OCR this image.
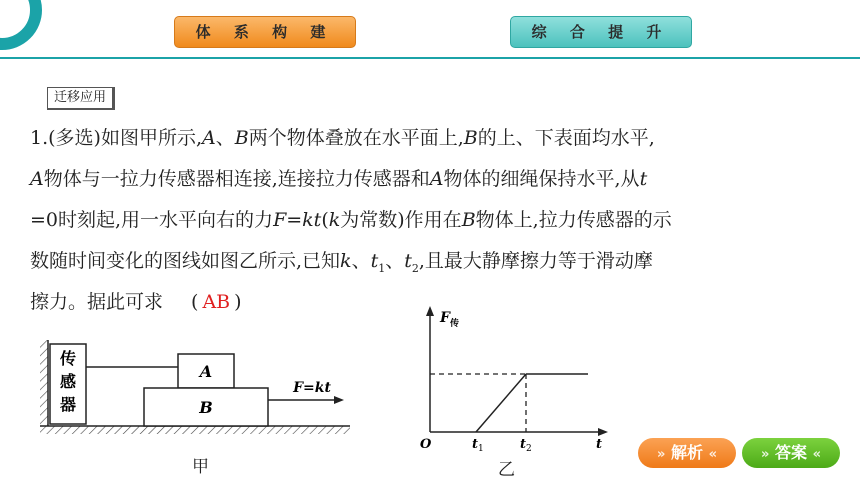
体 系 构 建	综 合 提 升
迁移应用
1.(多选)如图甲所示,A、B两个物体叠放在水平面上,B的上、下表面均水平,
A物体与一拉力传感器相连接,连接拉力传感器和A物体的细绳保持水平,从t
=0时刻起,用一水平向右的力F=kt(k为常数)作用在B物体上,拉力传感器的示
数随时间变化的图线如图乙所示,已知k、$t_1$、$t_2$,且最大静摩擦力等于滑动摩
擦力。据此可求 ( AB )
传
感
器
A
B
F=kt
甲
F 传
O	t 1	t 2	t
乙
» 解析 «	» 答案 «
